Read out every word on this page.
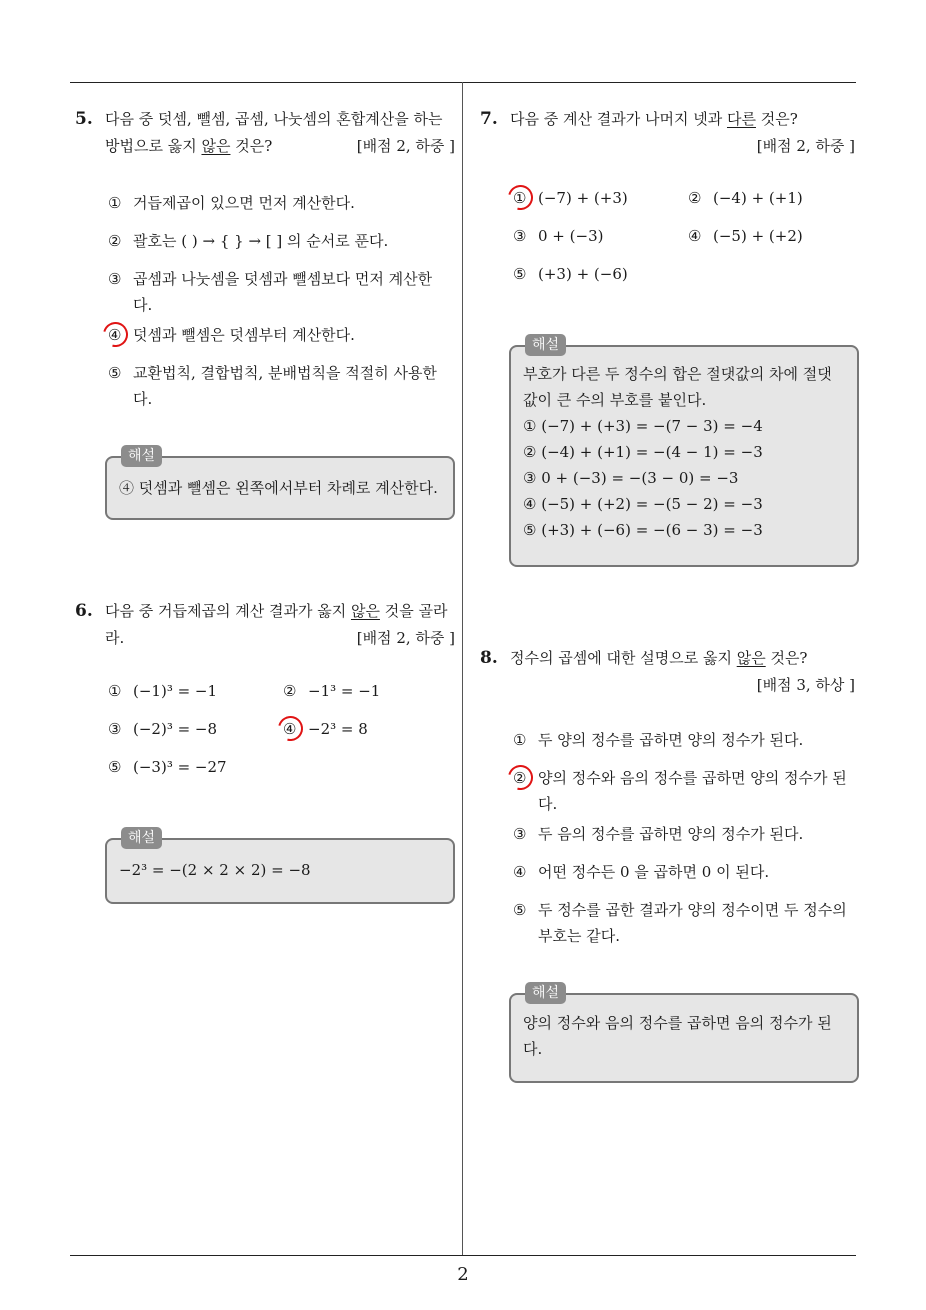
5. 다음 중 덧셈, 뺄셈, 곱셈, 나눗셈의 혼합계산을 하는 방법으로 옳지 않은 것은?	[배점 2, 하중 ]
① 거듭제곱이 있으면 먼저 계산한다.
② 괄호는 ( ) → { } → [ ] 의 순서로 푼다.
③ 곱셈과 나눗셈을 덧셈과 뺄셈보다 먼저 계산한다.
④ 덧셈과 뺄셈은 덧셈부터 계산한다.
⑤ 교환법칙, 결합법칙, 분배법칙을 적절히 사용한다.
해설
④ 덧셈과 뺄셈은 왼쪽에서부터 차례로 계산한다.
6. 다음 중 거듭제곱의 계산 결과가 옳지 않은 것을 골라라.	[배점 2, 하중 ]
① (−1)³ = −1	② −1³ = −1
③ (−2)³ = −8	④ −2³ = 8
⑤ (−3)³ = −27
해설
−2³ = −(2 × 2 × 2) = −8
7. 다음 중 계산 결과가 나머지 넷과 다른 것은?
[배점 2, 하중 ]
① (−7) + (+3)	② (−4) + (+1)
③ 0 + (−3)	④ (−5) + (+2)
⑤ (+3) + (−6)
해설
부호가 다른 두 정수의 합은 절댓값의 차에 절댓값이 큰 수의 부호를 붙인다.
① (−7) + (+3) = −(7 − 3) = −4
② (−4) + (+1) = −(4 − 1) = −3
③ 0 + (−3) = −(3 − 0) = −3
④ (−5) + (+2) = −(5 − 2) = −3
⑤ (+3) + (−6) = −(6 − 3) = −3
8. 정수의 곱셈에 대한 설명으로 옳지 않은 것은?
[배점 3, 하상 ]
① 두 양의 정수를 곱하면 양의 정수가 된다.
② 양의 정수와 음의 정수를 곱하면 양의 정수가 된다.
③ 두 음의 정수를 곱하면 양의 정수가 된다.
④ 어떤 정수든 0 을 곱하면 0 이 된다.
⑤ 두 정수를 곱한 결과가 양의 정수이면 두 정수의 부호는 같다.
해설
양의 정수와 음의 정수를 곱하면 음의 정수가 된다.
2
